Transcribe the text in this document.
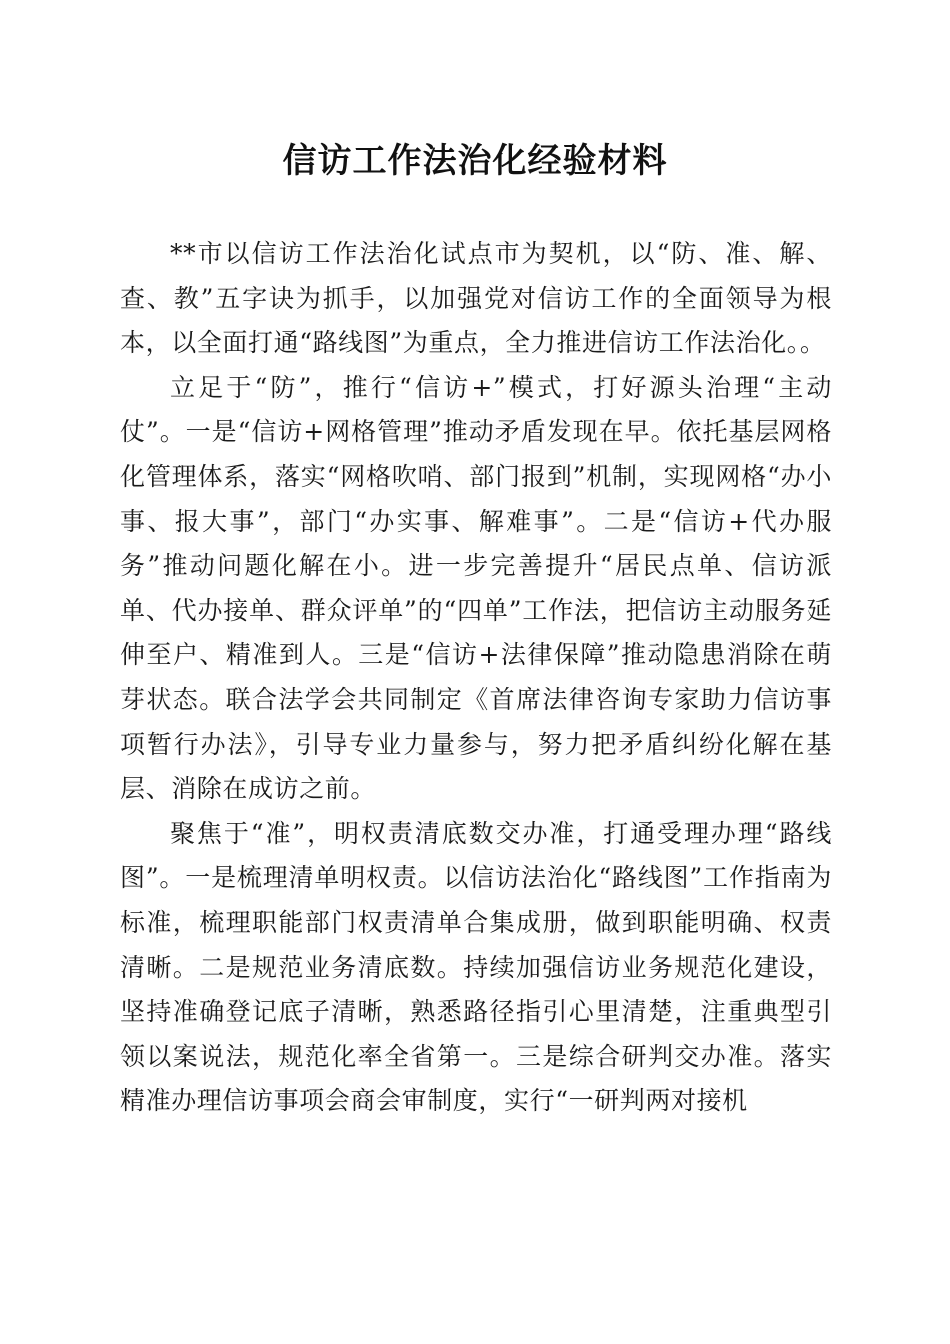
信访工作法治化经验材料

**市以信访工作法治化试点市为契机，以“防、准、解、查、教”五字诀为抓手，以加强党对信访工作的全面领导为根本，以全面打通“路线图”为重点，全力推进信访工作法治化。。

立足于“防”，推行“信访+”模式，打好源头治理“主动仗”。一是“信访+网格管理”推动矛盾发现在早。依托基层网格化管理体系，落实“网格吹哨、部门报到”机制，实现网格“办小事、报大事”，部门“办实事、解难事”。二是“信访+代办服务”推动问题化解在小。进一步完善提升“居民点单、信访派单、代办接单、群众评单”的“四单”工作法，把信访主动服务延伸至户、精准到人。三是“信访+法律保障”推动隐患消除在萌芽状态。联合法学会共同制定《首席法律咨询专家助力信访事项暂行办法》，引导专业力量参与，努力把矛盾纠纷化解在基层、消除在成访之前。

聚焦于“准”，明权责清底数交办准，打通受理办理“路线图”。一是梳理清单明权责。以信访法治化“路线图”工作指南为标准，梳理职能部门权责清单合集成册，做到职能明确、权责清晰。二是规范业务清底数。持续加强信访业务规范化建设，坚持准确登记底子清晰，熟悉路径指引心里清楚，注重典型引领以案说法，规范化率全省第一。三是综合研判交办准。落实精准办理信访事项会商会审制度，实行“一研判两对接机
